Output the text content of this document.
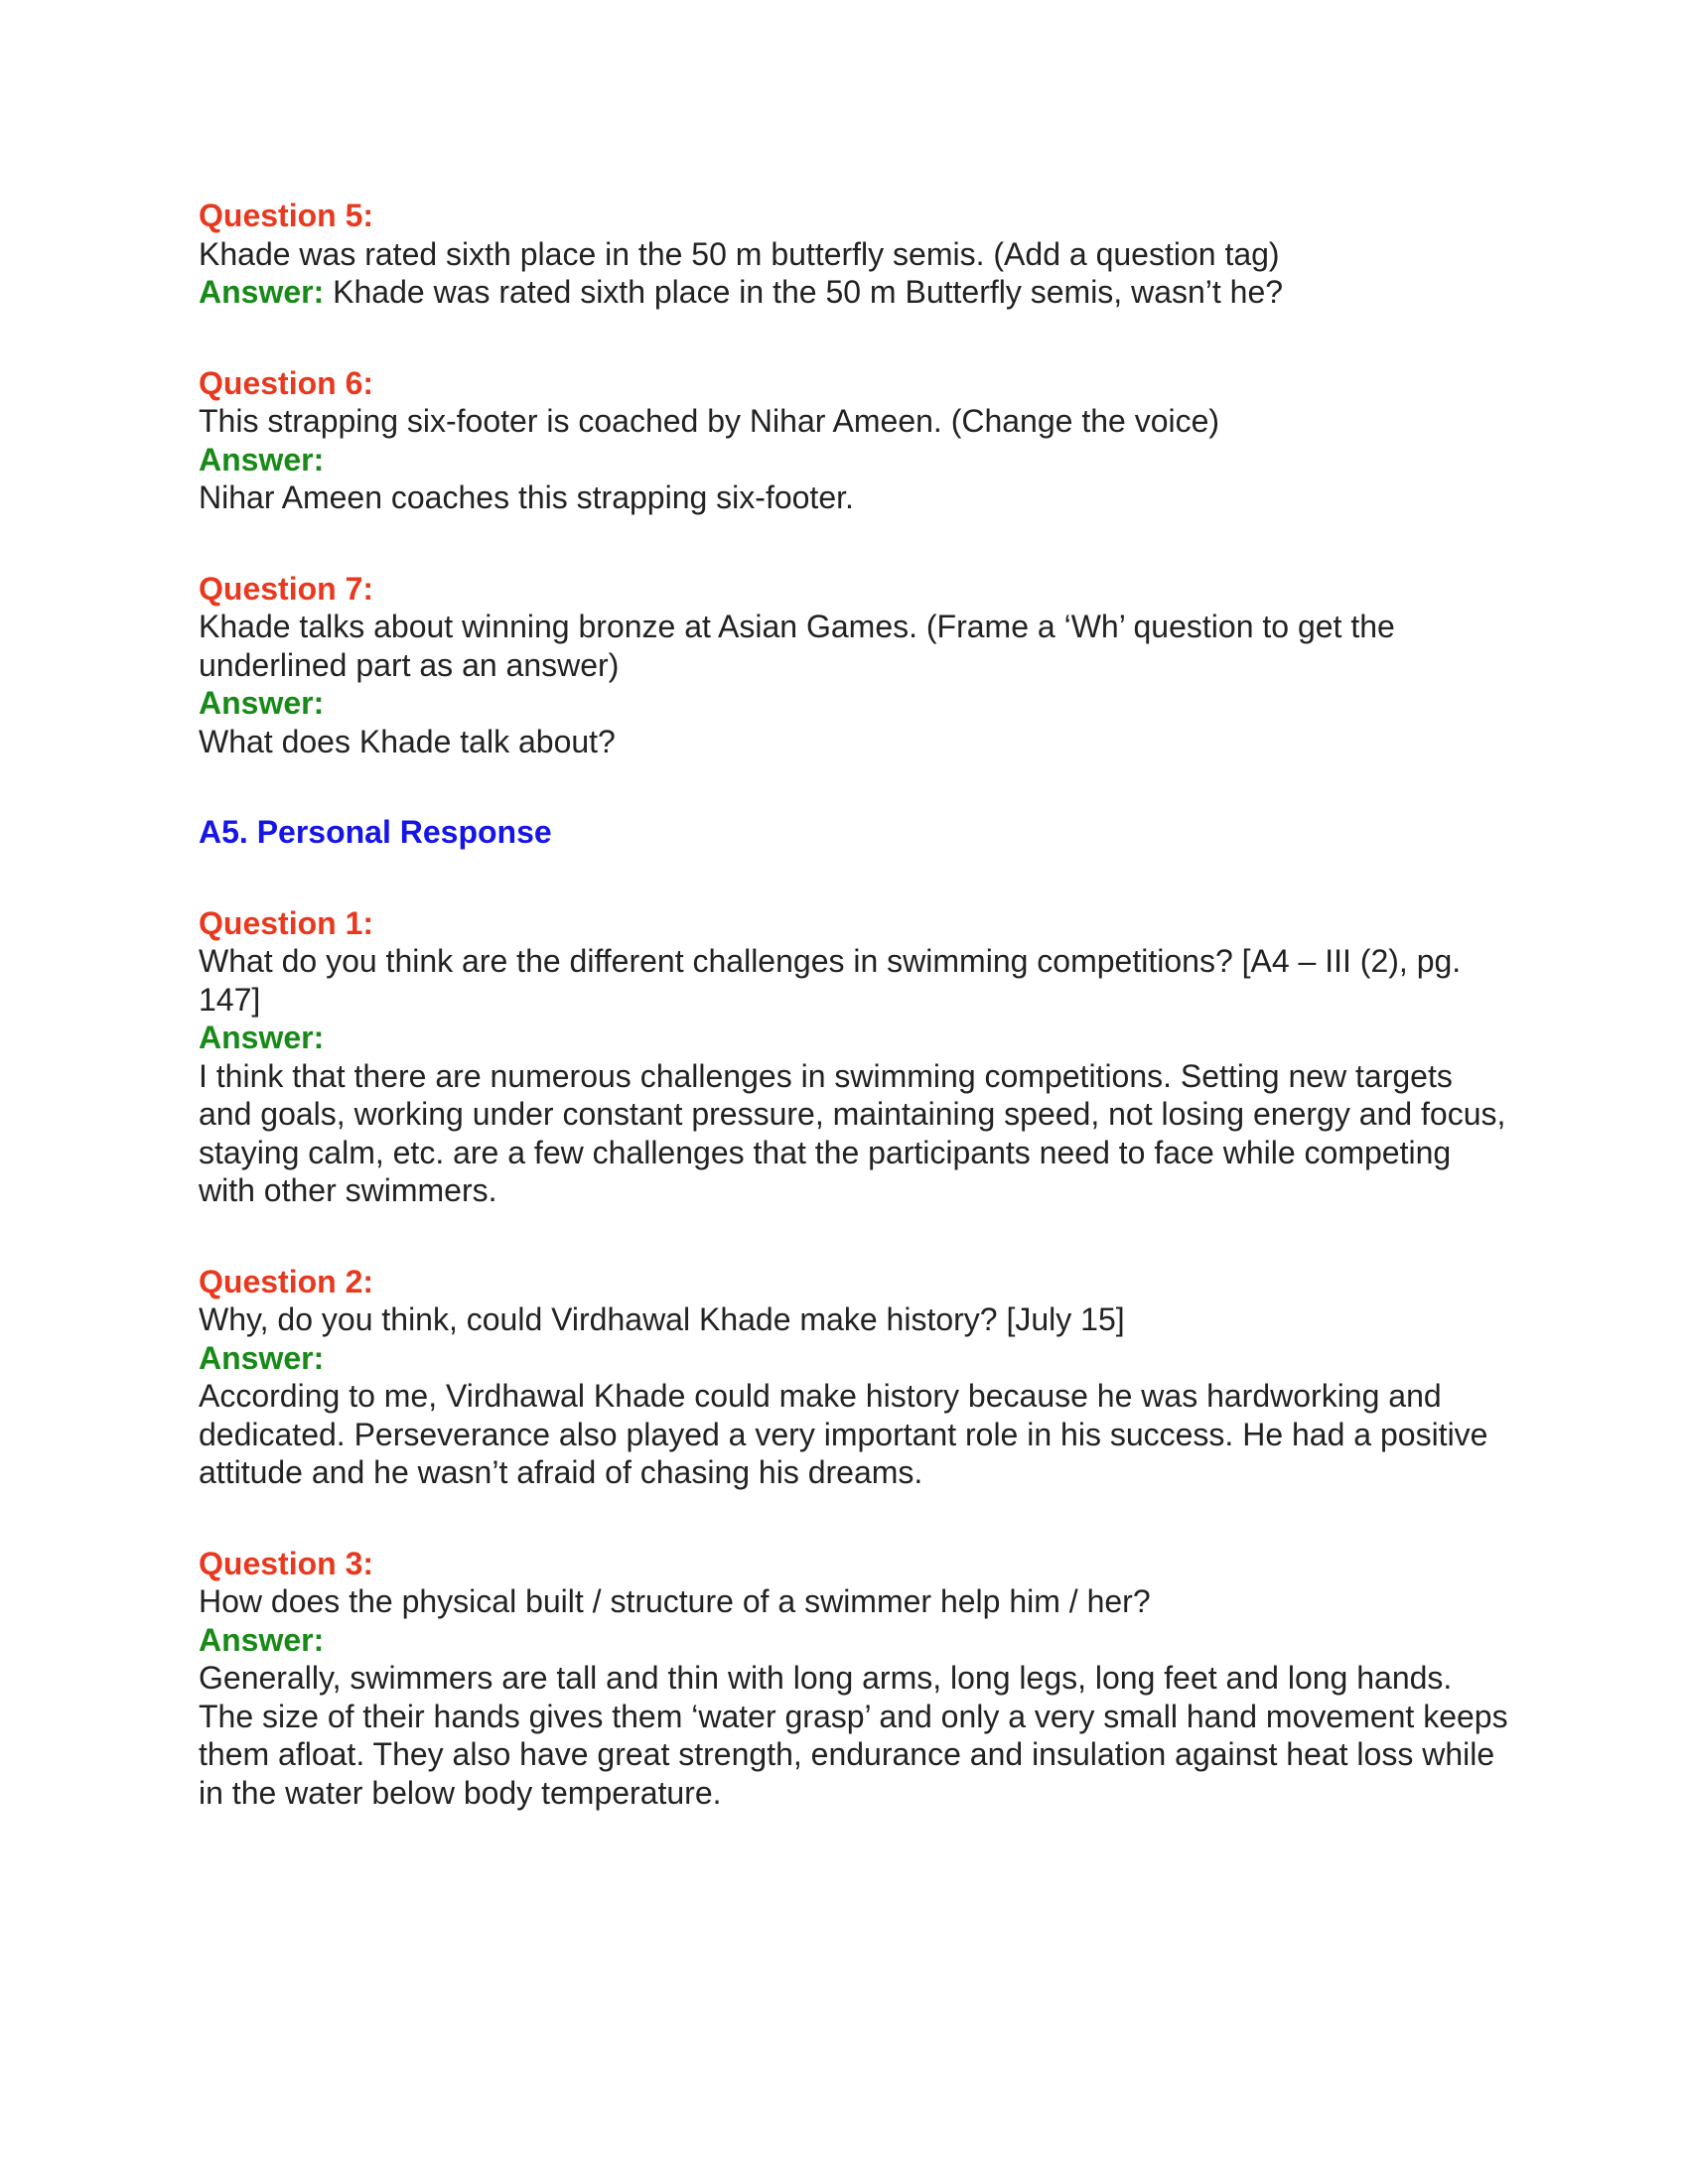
Question 5:
Khade was rated sixth place in the 50 m butterfly semis. (Add a question tag)
Answer: Khade was rated sixth place in the 50 m Butterfly semis, wasn’t he?
Question 6:
This strapping six-footer is coached by Nihar Ameen. (Change the voice)
Answer:
Nihar Ameen coaches this strapping six-footer.
Question 7:
Khade talks about winning bronze at Asian Games. (Frame a ‘Wh’ question to get the underlined part as an answer)
Answer:
What does Khade talk about?
A5. Personal Response
Question 1:
What do you think are the different challenges in swimming competitions? [A4 – III (2), pg. 147]
Answer:
I think that there are numerous challenges in swimming competitions. Setting new targets and goals, working under constant pressure, maintaining speed, not losing energy and focus, staying calm, etc. are a few challenges that the participants need to face while competing with other swimmers.
Question 2:
Why, do you think, could Virdhawal Khade make history? [July 15]
Answer:
According to me, Virdhawal Khade could make history because he was hardworking and dedicated. Perseverance also played a very important role in his success. He had a positive attitude and he wasn’t afraid of chasing his dreams.
Question 3:
How does the physical built / structure of a swimmer help him / her?
Answer:
Generally, swimmers are tall and thin with long arms, long legs, long feet and long hands. The size of their hands gives them ‘water grasp’ and only a very small hand movement keeps them afloat. They also have great strength, endurance and insulation against heat loss while in the water below body temperature.
